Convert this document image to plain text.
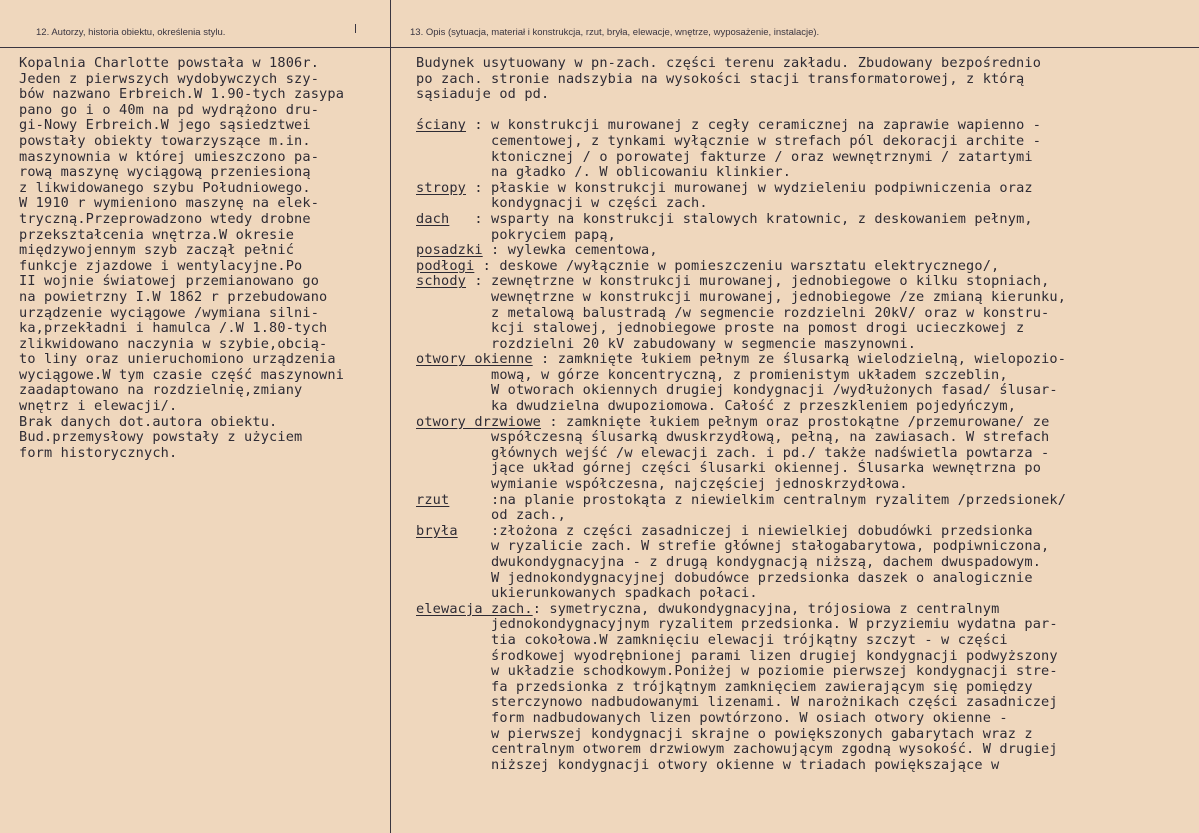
12. Autorzy, historia obiektu, określenia stylu.	13. Opis (sytuacja, materiał i konstrukcja, rzut, bryła, elewacje, wnętrze, wyposażenie, instalacje).
Kopalnia Charlotte powstała w 1806r.
Jeden z pierwszych wydobywczych szy-
bów nazwano Erbreich.W 1.90-tych zasypa
pano go i o 40m na pd wydrążono dru-
gi-Nowy Erbreich.W jego sąsiedztwei
powstały obiekty towarzyszące m.in.
maszynownia w której umieszczono pa-
rową maszynę wyciągową przeniesioną
z likwidowanego szybu Południowego.
W 1910 r wymieniono maszynę na elek-
tryczną.Przeprowadzono wtedy drobne
przekształcenia wnętrza.W okresie
międzywojennym szyb zaczął pełnić
funkcje zjazdowe i wentylacyjne.Po
II wojnie światowej przemianowano go
na powietrzny I.W 1862 r przebudowano
urządzenie wyciągowe /wymiana silni-
ka,przekładni i hamulca /.W 1.80-tych
zlikwidowano naczynia w szybie,obcią-
to liny oraz unieruchomiono urządzenia
wyciągowe.W tym czasie część maszynowni
zaadaptowano na rozdzielnię,zmiany
wnętrz i elewacji/.
Brak danych dot.autora obiektu.
Bud.przemysłowy powstały z użyciem
form historycznych.
Budynek usytuowany w pn-zach. części terenu zakładu. Zbudowany bezpośrednio
po zach. stronie nadszybia na wysokości stacji transformatorowej, z którą
sąsiaduje od pd.
ściany : w konstrukcji murowanej z cegły ceramicznej na zaprawie wapienno -
cementowej, z tynkami wyłącznie w strefach pól dekoracji archite -
ktonicznej / o porowatej fakturze / oraz wewnętrznymi / zatartymi
na gładko /. W oblicowaniu klinkier.
stropy : płaskie w konstrukcji murowanej w wydzieleniu podpiwniczenia oraz
kondygnacji w części zach.
dach   : wsparty na konstrukcji stalowych kratownic, z deskowaniem pełnym,
pokryciem papą,
posadzki : wylewka cementowa,
podłogi : deskowe /wyłącznie w pomieszczeniu warsztatu elektrycznego/,
schody : zewnętrzne w konstrukcji murowanej, jednobiegowe o kilku stopniach,
wewnętrzne w konstrukcji murowanej, jednobiegowe /ze zmianą kierunku,
z metalową balustradą /w segmencie rozdzielni 20kV/ oraz w konstru-
kcji stalowej, jednobiegowe proste na pomost drogi ucieczkowej z
rozdzielni 20 kV zabudowany w segmencie maszynowni.
otwory okienne : zamknięte łukiem pełnym ze ślusarką wielodzielną, wielopozio-
mową, w górze koncentryczną, z promienistym układem szczeblin,
W otworach okiennych drugiej kondygnacji /wydłużonych fasad/ ślusar-
ka dwudzielna dwupoziomowa. Całość z przeszkleniem pojedyńczym,
otwory drzwiowe : zamknięte łukiem pełnym oraz prostokątne /przemurowane/ ze
współczesną ślusarką dwuskrzydłową, pełną, na zawiasach. W strefach
głównych wejść /w elewacji zach. i pd./ także nadświetla powtarza -
jące układ górnej części ślusarki okiennej. Ślusarka wewnętrzna po
wymianie współczesna, najczęściej jednoskrzydłowa.
rzut     :na planie prostokąta z niewielkim centralnym ryzalitem /przedsionek/
od zach.,
bryła    :złożona z części zasadniczej i niewielkiej dobudówki przedsionka
w ryzalicie zach. W strefie głównej stałogabarytowa, podpiwniczona,
dwukondygnacyjna - z drugą kondygnacją niższą, dachem dwuspadowym.
W jednokondygnacyjnej dobudówce przedsionka daszek o analogicznie
ukierunkowanych spadkach połaci.
elewacja zach.: symetryczna, dwukondygnacyjna, trójosiowa z centralnym
jednokondygnacyjnym ryzalitem przedsionka. W przyziemiu wydatna par-
tia cokołowa.W zamknięciu elewacji trójkątny szczyt - w części
środkowej wyodrębnionej parami lizen drugiej kondygnacji podwyższony
w układzie schodkowym.Poniżej w poziomie pierwszej kondygnacji stre-
fa przedsionka z trójkątnym zamknięciem zawierającym się pomiędzy
sterczynowo nadbudowanymi lizenami. W narożnikach części zasadniczej
form nadbudowanych lizen powtórzono. W osiach otwory okienne -
w pierwszej kondygnacji skrajne o powiększonych gabarytach wraz z
centralnym otworem drzwiowym zachowującym zgodną wysokość. W drugiej
niższej kondygnacji otwory okienne w triadach powiększające w
